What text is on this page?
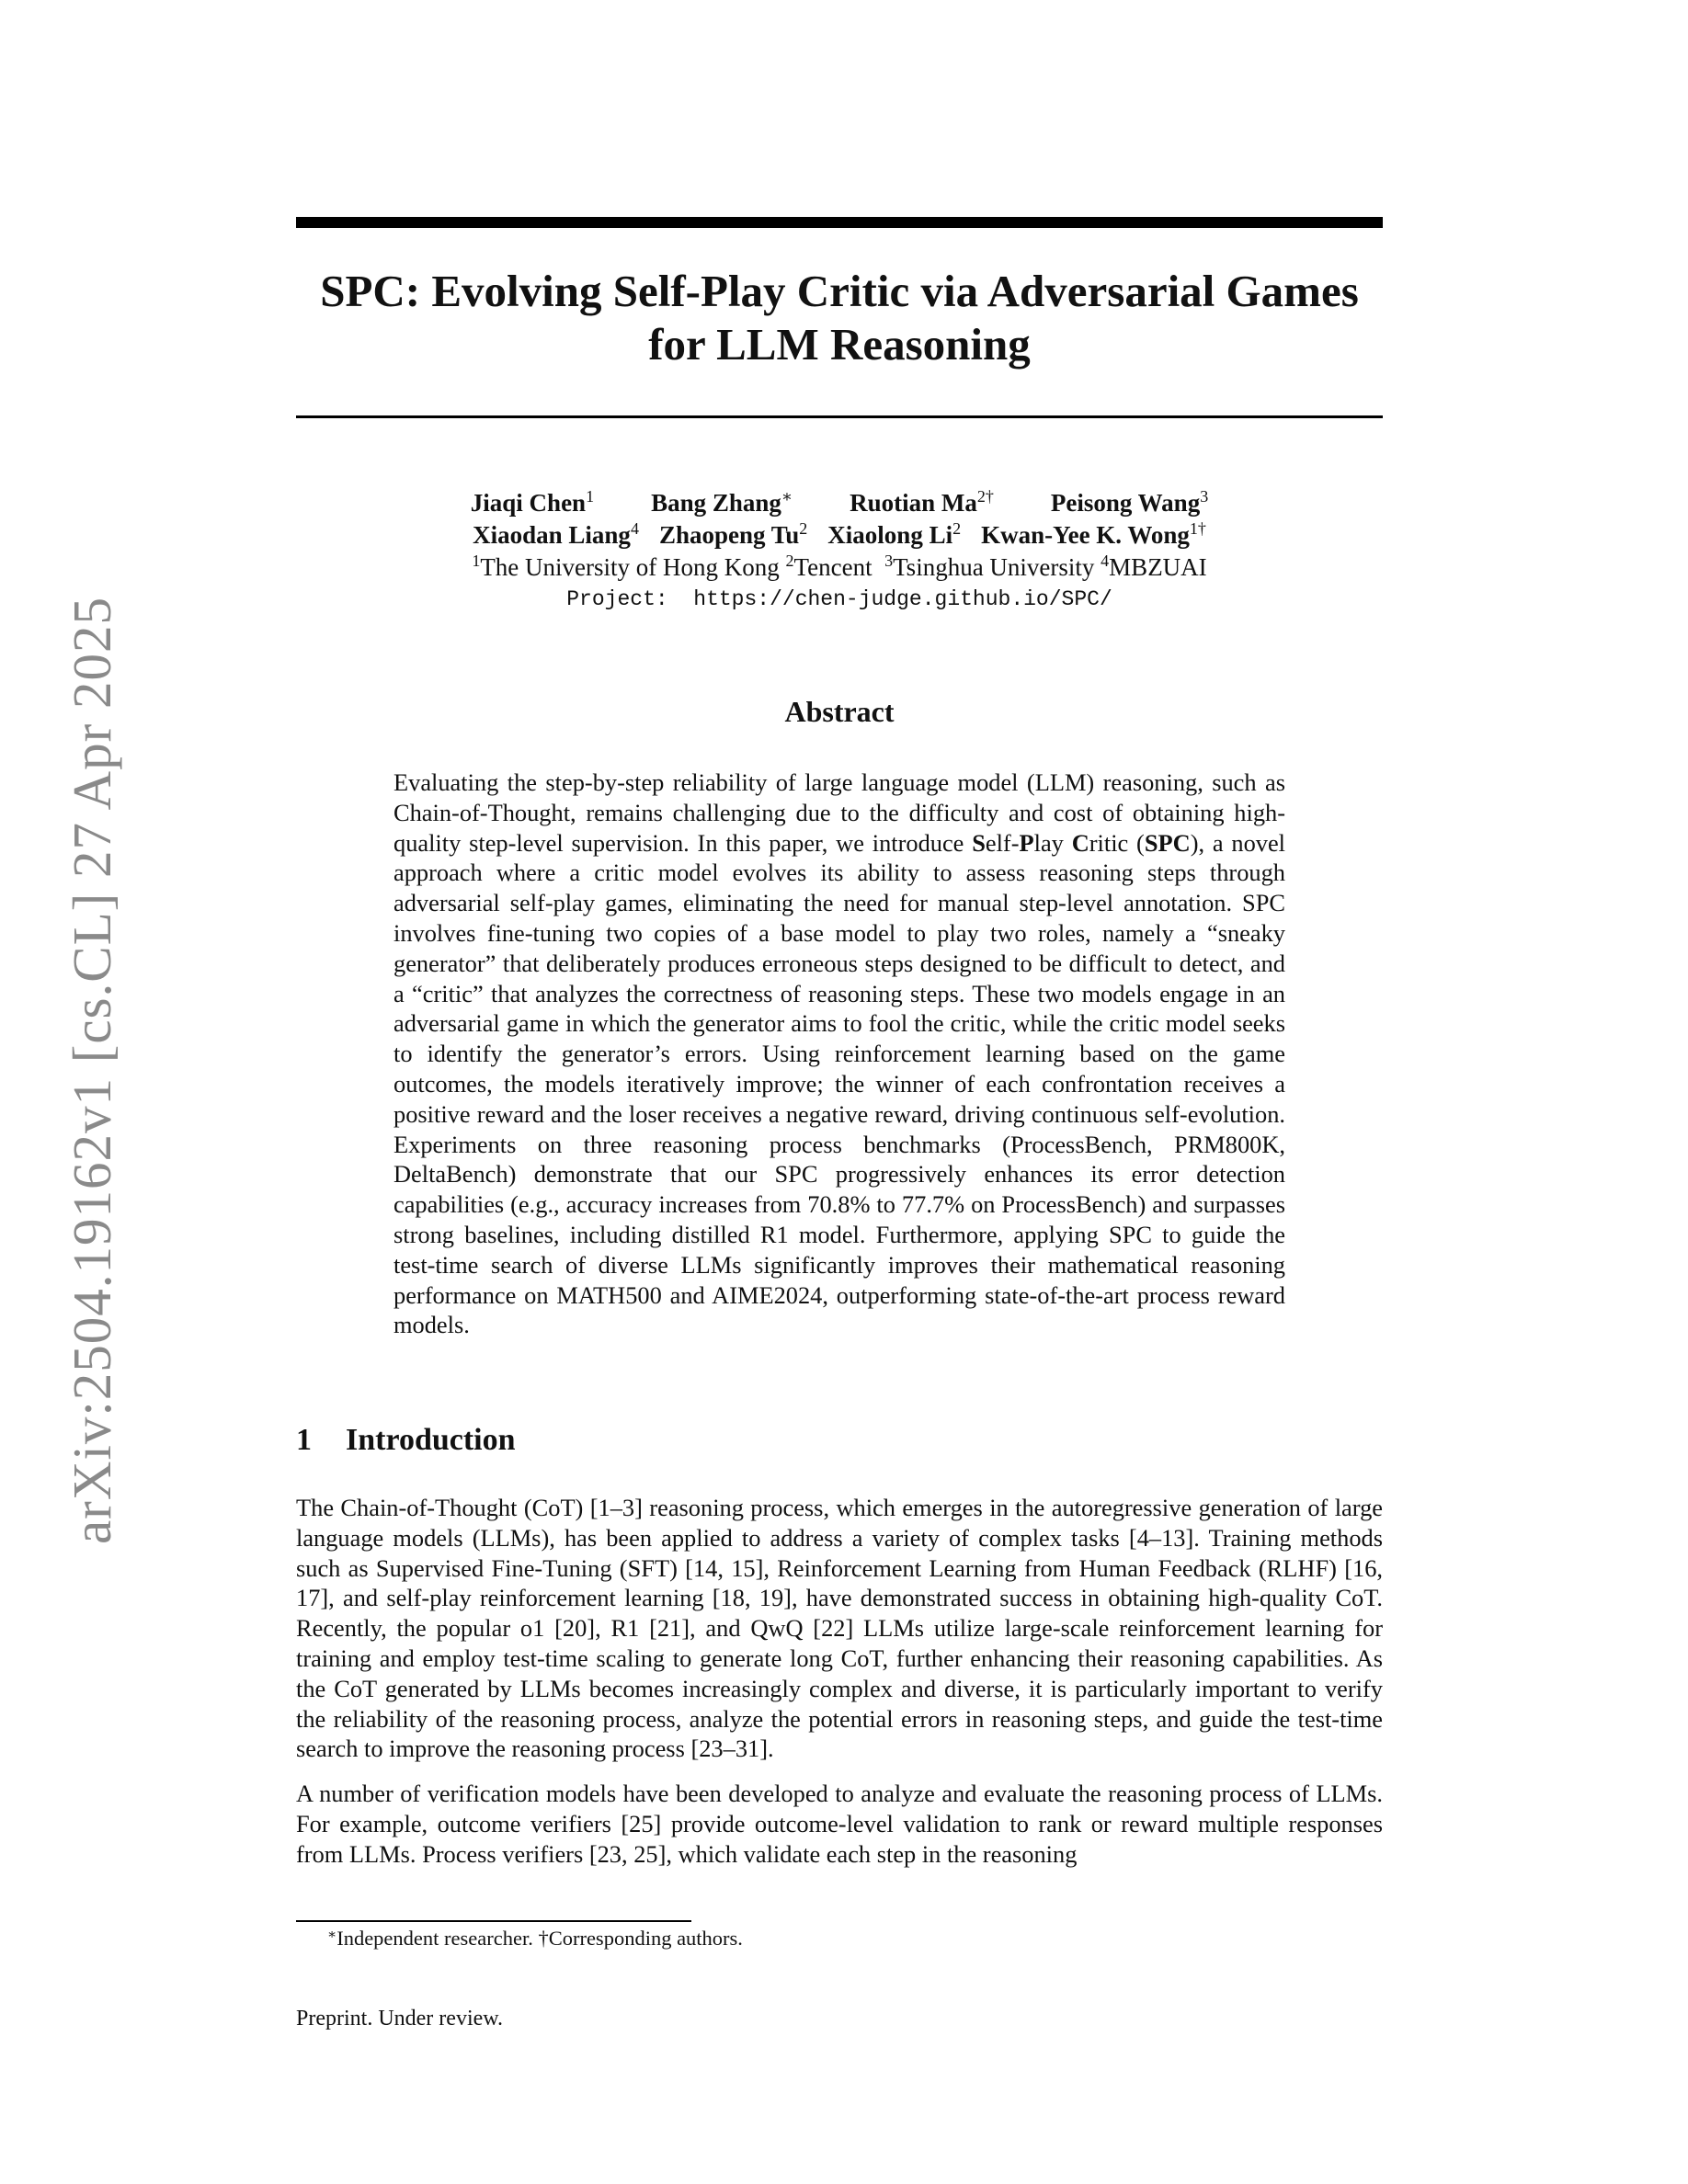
arXiv:2504.19162v1 [cs.CL] 27 Apr 2025
SPC: Evolving Self-Play Critic via Adversarial Games
for LLM Reasoning
Jiaqi Chen$^1$ Bang Zhang∗ Ruotian $Ma^{2\dagger}$ Peisong Wang$^3$
Xiaodan Liang$^4$ Zhaopeng Tu$^2$ Xiaolong Li$^2$ Kwan-Yee K. Wong$^{1\dagger}$
$^1$The University of Hong Kong $^2$Tencent $^3$Tsinghua University $^4$MBZUAI
Project:  https://chen-judge.github.io/SPC/
Abstract
Evaluating the step-by-step reliability of large language model (LLM) reasoning, such as Chain-of-Thought, remains challenging due to the difficulty and cost of obtaining high-quality step-level supervision. In this paper, we introduce Self-Play Critic (SPC), a novel approach where a critic model evolves its ability to assess reasoning steps through adversarial self-play games, eliminating the need for manual step-level annotation. SPC involves fine-tuning two copies of a base model to play two roles, namely a “sneaky generator” that deliberately produces erroneous steps designed to be difficult to detect, and a “critic” that analyzes the correctness of reasoning steps. These two models engage in an adversarial game in which the generator aims to fool the critic, while the critic model seeks to identify the generator’s errors. Using reinforcement learning based on the game outcomes, the models iteratively improve; the winner of each confrontation receives a positive reward and the loser receives a negative reward, driving continuous self-evolution. Experiments on three reasoning process benchmarks (ProcessBench, PRM800K, DeltaBench) demonstrate that our SPC progressively enhances its error detection capabilities (e.g., accuracy increases from 70.8% to 77.7% on ProcessBench) and surpasses strong baselines, including distilled R1 model. Furthermore, applying SPC to guide the test-time search of diverse LLMs significantly improves their mathematical reasoning performance on MATH500 and AIME2024, outperforming state-of-the-art process reward models.
1 Introduction

The Chain-of-Thought (CoT) [1–3] reasoning process, which emerges in the autoregressive generation of large language models (LLMs), has been applied to address a variety of complex tasks [4–13]. Training methods such as Supervised Fine-Tuning (SFT) [14, 15], Reinforcement Learning from Human Feedback (RLHF) [16, 17], and self-play reinforcement learning [18, 19], have demonstrated success in obtaining high-quality CoT. Recently, the popular o1 [20], R1 [21], and QwQ [22] LLMs utilize large-scale reinforcement learning for training and employ test-time scaling to generate long CoT, further enhancing their reasoning capabilities. As the CoT generated by LLMs becomes increasingly complex and diverse, it is particularly important to verify the reliability of the reasoning process, analyze the potential errors in reasoning steps, and guide the test-time search to improve the reasoning process [23–31].

A number of verification models have been developed to analyze and evaluate the reasoning process of LLMs. For example, outcome verifiers [25] provide outcome-level validation to rank or reward multiple responses from LLMs. Process verifiers [23, 25], which validate each step in the reasoning

∗Independent researcher. †Corresponding authors.
Preprint. Under review.
